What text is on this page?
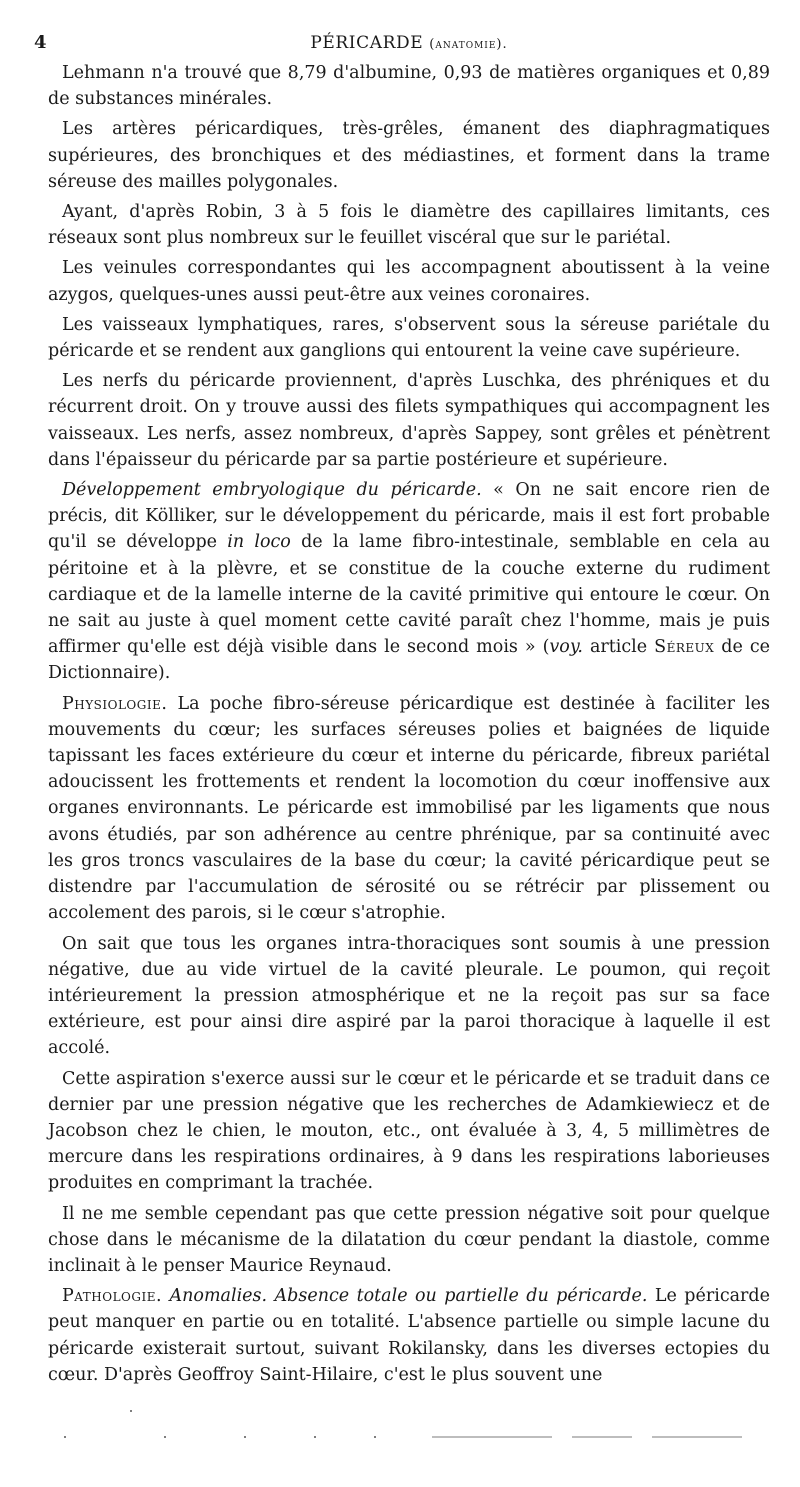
4	PÉRICARDE (anatomie).

Lehmann n'a trouvé que 8,79 d'albumine, 0,93 de matières organiques et 0,89 de substances minérales.

Les artères péricardiques, très-grêles, émanent des diaphragmatiques supérieures, des bronchiques et des médiastines, et forment dans la trame séreuse des mailles polygonales.

Ayant, d'après Robin, 3 à 5 fois le diamètre des capillaires limitants, ces réseaux sont plus nombreux sur le feuillet viscéral que sur le pariétal.

Les veinules correspondantes qui les accompagnent aboutissent à la veine azygos, quelques-unes aussi peut-être aux veines coronaires.

Les vaisseaux lymphatiques, rares, s'observent sous la séreuse pariétale du péricarde et se rendent aux ganglions qui entourent la veine cave supérieure.

Les nerfs du péricarde proviennent, d'après Luschka, des phréniques et du récurrent droit. On y trouve aussi des filets sympathiques qui accompagnent les vaisseaux. Les nerfs, assez nombreux, d'après Sappey, sont grêles et pénètrent dans l'épaisseur du péricarde par sa partie postérieure et supérieure.

Développement embryologique du péricarde. « On ne sait encore rien de précis, dit Kölliker, sur le développement du péricarde, mais il est fort probable qu'il se développe in loco de la lame fibro-intestinale, semblable en cela au péritoine et à la plèvre, et se constitue de la couche externe du rudiment cardiaque et de la lamelle interne de la cavité primitive qui entoure le cœur. On ne sait au juste à quel moment cette cavité paraît chez l'homme, mais je puis affirmer qu'elle est déjà visible dans le second mois » (voy. article Séreux de ce Dictionnaire).

Physiologie. La poche fibro-séreuse péricardique est destinée à faciliter les mouvements du cœur; les surfaces séreuses polies et baignées de liquide tapissant les faces extérieure du cœur et interne du péricarde, fibreux pariétal adoucissent les frottements et rendent la locomotion du cœur inoffensive aux organes environnants. Le péricarde est immobilisé par les ligaments que nous avons étudiés, par son adhérence au centre phrénique, par sa continuité avec les gros troncs vasculaires de la base du cœur; la cavité péricardique peut se distendre par l'accumulation de sérosité ou se rétrécir par plissement ou accolement des parois, si le cœur s'atrophie.

On sait que tous les organes intra-thoraciques sont soumis à une pression négative, due au vide virtuel de la cavité pleurale. Le poumon, qui reçoit intérieurement la pression atmosphérique et ne la reçoit pas sur sa face extérieure, est pour ainsi dire aspiré par la paroi thoracique à laquelle il est accolé.

Cette aspiration s'exerce aussi sur le cœur et le péricarde et se traduit dans ce dernier par une pression négative que les recherches de Adamkiewiecz et de Jacobson chez le chien, le mouton, etc., ont évaluée à 3, 4, 5 millimètres de mercure dans les respirations ordinaires, à 9 dans les respirations laborieuses produites en comprimant la trachée.

Il ne me semble cependant pas que cette pression négative soit pour quelque chose dans le mécanisme de la dilatation du cœur pendant la diastole, comme inclinait à le penser Maurice Reynaud.

Pathologie. Anomalies. Absence totale ou partielle du péricarde. Le péricarde peut manquer en partie ou en totalité. L'absence partielle ou simple lacune du péricarde existerait surtout, suivant Rokilansky, dans les diverses ectopies du cœur. D'après Geoffroy Saint-Hilaire, c'est le plus souvent une
